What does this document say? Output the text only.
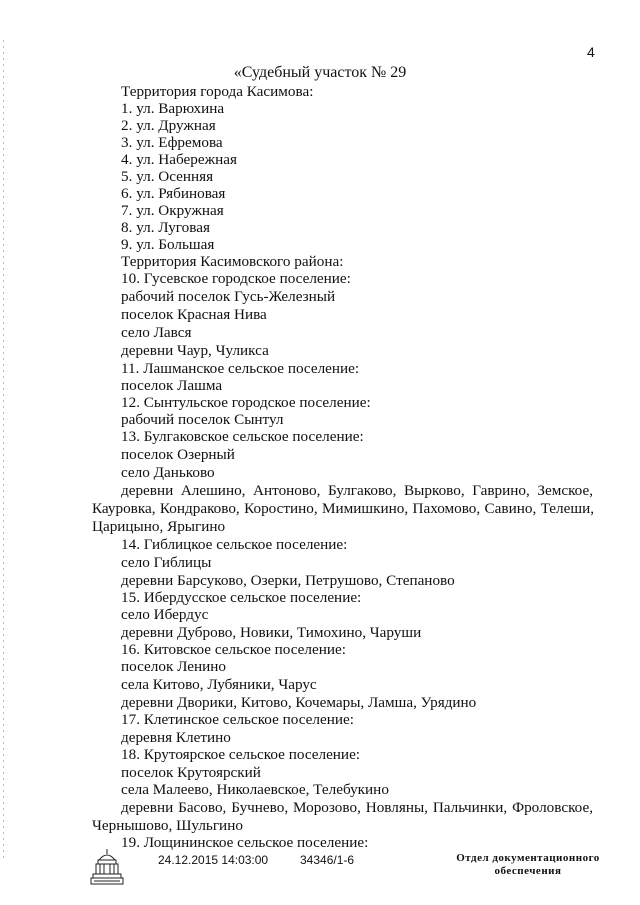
4
«Судебный участок № 29
Территория города Касимова:
1. ул. Варюхина
2. ул. Дружная
3. ул. Ефремова
4. ул. Набережная
5. ул. Осенняя
6. ул. Рябиновая
7. ул. Окружная
8. ул. Луговая
9. ул. Большая
Территория Касимовского района:
10. Гусевское городское поселение:
рабочий поселок Гусь-Железный
поселок Красная Нива
село Лався
деревни Чаур, Чуликса
11. Лашманское сельское поселение:
поселок Лашма
12. Сынтульское городское поселение:
рабочий поселок Сынтул
13. Булгаковское сельское поселение:
поселок Озерный
село Даньково
деревни Алешино, Антоново, Булгаково, Вырково, Гаврино, Земское,
Кауровка, Кондраково, Коростино, Мимишкино, Пахомово, Савино, Телеши,
Царицыно, Ярыгино
14. Гиблицкое сельское поселение:
село Гиблицы
деревни Барсуково, Озерки, Петрушово, Степаново
15. Ибердусское сельское поселение:
село Ибердус
деревни Дуброво, Новики, Тимохино, Чаруши
16. Китовское сельское поселение:
поселок Ленино
села Китово, Лубяники, Чарус
деревни Дворики, Китово, Кочемары, Ламша, Урядино
17. Клетинское сельское поселение:
деревня Клетино
18. Крутоярское сельское поселение:
поселок Крутоярский
села Малеево, Николаевское, Телебукино
деревни Басово, Бучнево, Морозово, Новляны, Пальчинки, Фроловское,
Чернышово, Шульгино
19. Лощининское сельское поселение:
24.12.2015 14:03:00	34346/1-6	Отдел документационного
обеспечения
